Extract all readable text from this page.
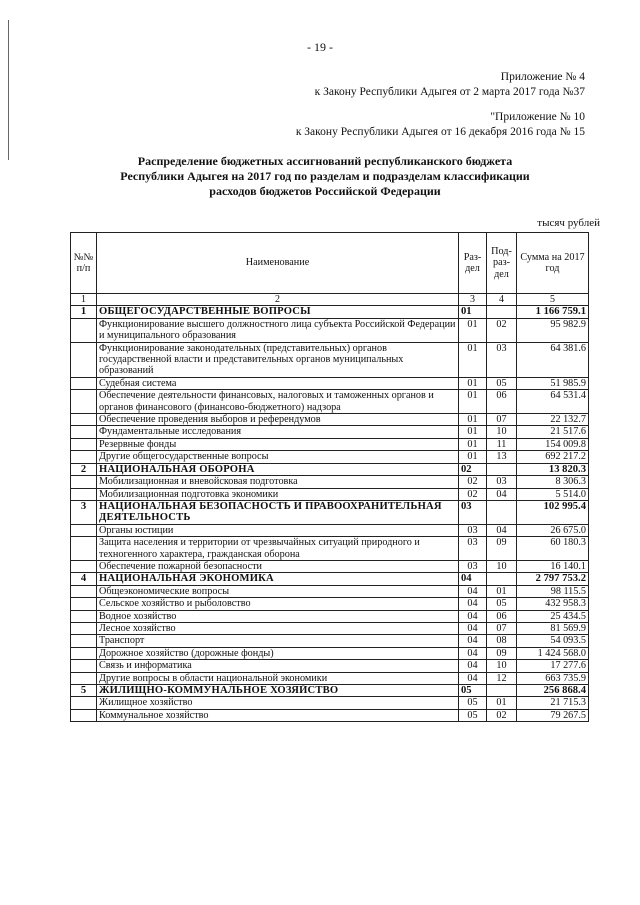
- 19 -
Приложение № 4
к Закону Республики Адыгея от 2 марта 2017 года №37
"Приложение № 10
к Закону Республики Адыгея от 16 декабря 2016 года № 15
Распределение бюджетных ассигнований республиканского бюджета
Республики Адыгея на 2017 год по разделам и подразделам классификации
расходов бюджетов Российской Федерации
тысяч рублей
№№ п/п	Наименование	Раз- дел	Под- раз- дел	Сумма на 2017 год
1	2	3	4	5
1	ОБЩЕГОСУДАРСТВЕННЫЕ ВОПРОСЫ	01		1 166 759.1
	Функционирование высшего должностного лица субъекта Российской Федерации и муниципального образования	01	02	95 982.9
	Функционирование законодательных (представительных) органов государственной власти и представительных органов муниципальных образований	01	03	64 381.6
	Судебная система	01	05	51 985.9
	Обеспечение деятельности финансовых, налоговых и таможенных органов и органов финансового (финансово-бюджетного) надзора	01	06	64 531.4
	Обеспечение проведения выборов и референдумов	01	07	22 132.7
	Фундаментальные исследования	01	10	21 517.6
	Резервные фонды	01	11	154 009.8
	Другие общегосударственные вопросы	01	13	692 217.2
2	НАЦИОНАЛЬНАЯ ОБОРОНА	02		13 820.3
	Мобилизационная и вневойсковая подготовка	02	03	8 306.3
	Мобилизационная подготовка экономики	02	04	5 514.0
3	НАЦИОНАЛЬНАЯ БЕЗОПАСНОСТЬ И ПРАВООХРАНИТЕЛЬНАЯ ДЕЯТЕЛЬНОСТЬ	03		102 995.4
	Органы юстиции	03	04	26 675.0
	Защита населения и территории от чрезвычайных ситуаций природного и техногенного характера, гражданская оборона	03	09	60 180.3
	Обеспечение пожарной безопасности	03	10	16 140.1
4	НАЦИОНАЛЬНАЯ ЭКОНОМИКА	04		2 797 753.2
	Общеэкономические вопросы	04	01	98 115.5
	Сельское хозяйство и рыболовство	04	05	432 958.3
	Водное хозяйство	04	06	25 434.5
	Лесное хозяйство	04	07	81 569.9
	Транспорт	04	08	54 093.5
	Дорожное хозяйство (дорожные фонды)	04	09	1 424 568.0
	Связь и информатика	04	10	17 277.6
	Другие вопросы в области национальной экономики	04	12	663 735.9
5	ЖИЛИЩНО-КОММУНАЛЬНОЕ ХОЗЯЙСТВО	05		256 868.4
	Жилищное хозяйство	05	01	21 715.3
	Коммунальное хозяйство	05	02	79 267.5
